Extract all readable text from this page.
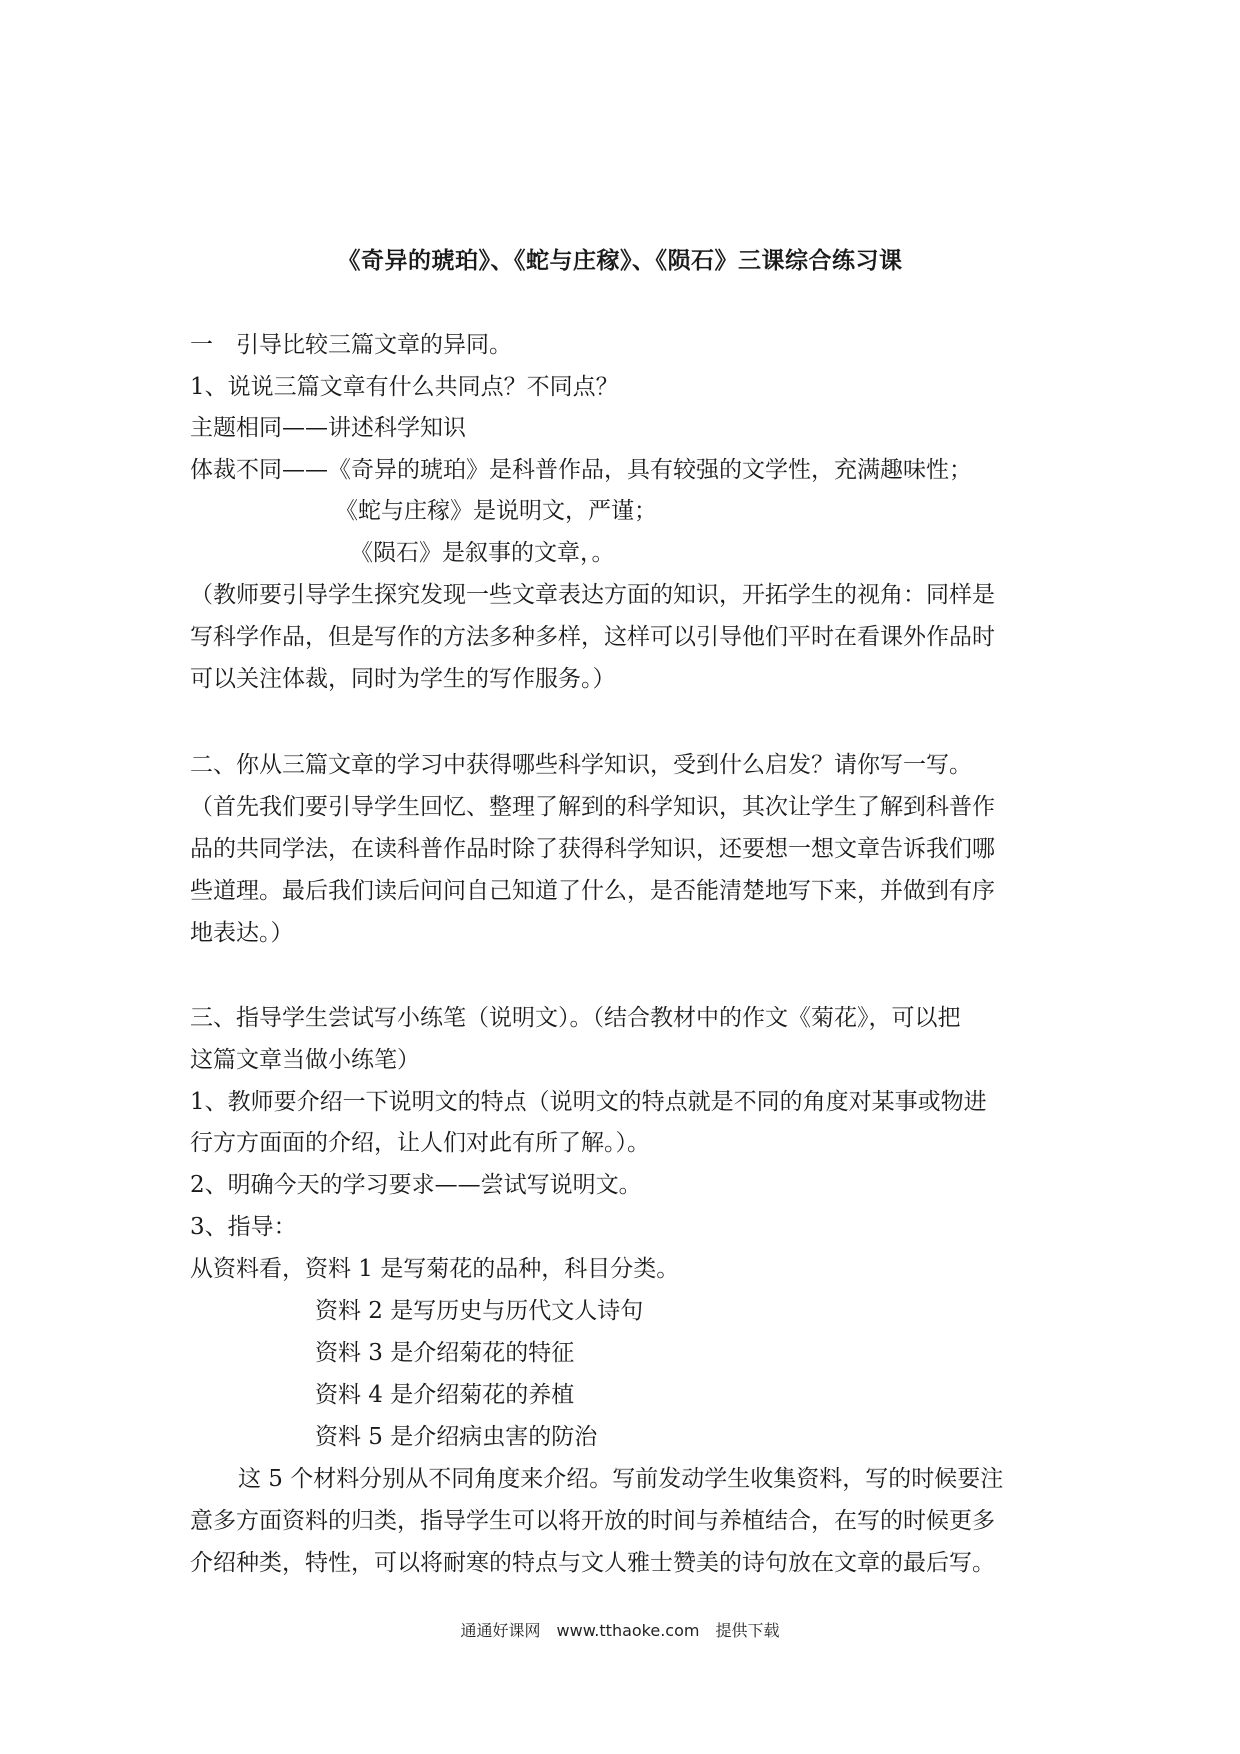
《奇异的琥珀》、《蛇与庄稼》、《陨石》三课综合练习课
一　引导比较三篇文章的异同。
1、说说三篇文章有什么共同点？不同点？
主题相同——讲述科学知识
体裁不同——《奇异的琥珀》是科普作品，具有较强的文学性，充满趣味性；
《蛇与庄稼》是说明文，严谨；
《陨石》是叙事的文章，。
（教师要引导学生探究发现一些文章表达方面的知识，开拓学生的视角：同样是
写科学作品，但是写作的方法多种多样，这样可以引导他们平时在看课外作品时
可以关注体裁，同时为学生的写作服务。）
二、你从三篇文章的学习中获得哪些科学知识，受到什么启发？请你写一写。
（首先我们要引导学生回忆、整理了解到的科学知识，其次让学生了解到科普作
品的共同学法，在读科普作品时除了获得科学知识，还要想一想文章告诉我们哪
些道理。最后我们读后问问自己知道了什么，是否能清楚地写下来，并做到有序
地表达。）
三、指导学生尝试写小练笔（说明文）。（结合教材中的作文《菊花》，可以把
这篇文章当做小练笔）
1、教师要介绍一下说明文的特点（说明文的特点就是不同的角度对某事或物进
行方方面面的介绍，让人们对此有所了解。）。
2、明确今天的学习要求——尝试写说明文。
3、指导：
从资料看，资料 1 是写菊花的品种，科目分类。
资料 2 是写历史与历代文人诗句
资料 3 是介绍菊花的特征
资料 4 是介绍菊花的养植
资料 5 是介绍病虫害的防治
这 5 个材料分别从不同角度来介绍。写前发动学生收集资料，写的时候要注
意多方面资料的归类，指导学生可以将开放的时间与养植结合，在写的时候更多
介绍种类，特性，可以将耐寒的特点与文人雅士赞美的诗句放在文章的最后写。
通通好课网　www.tthaoke.com　提供下载
